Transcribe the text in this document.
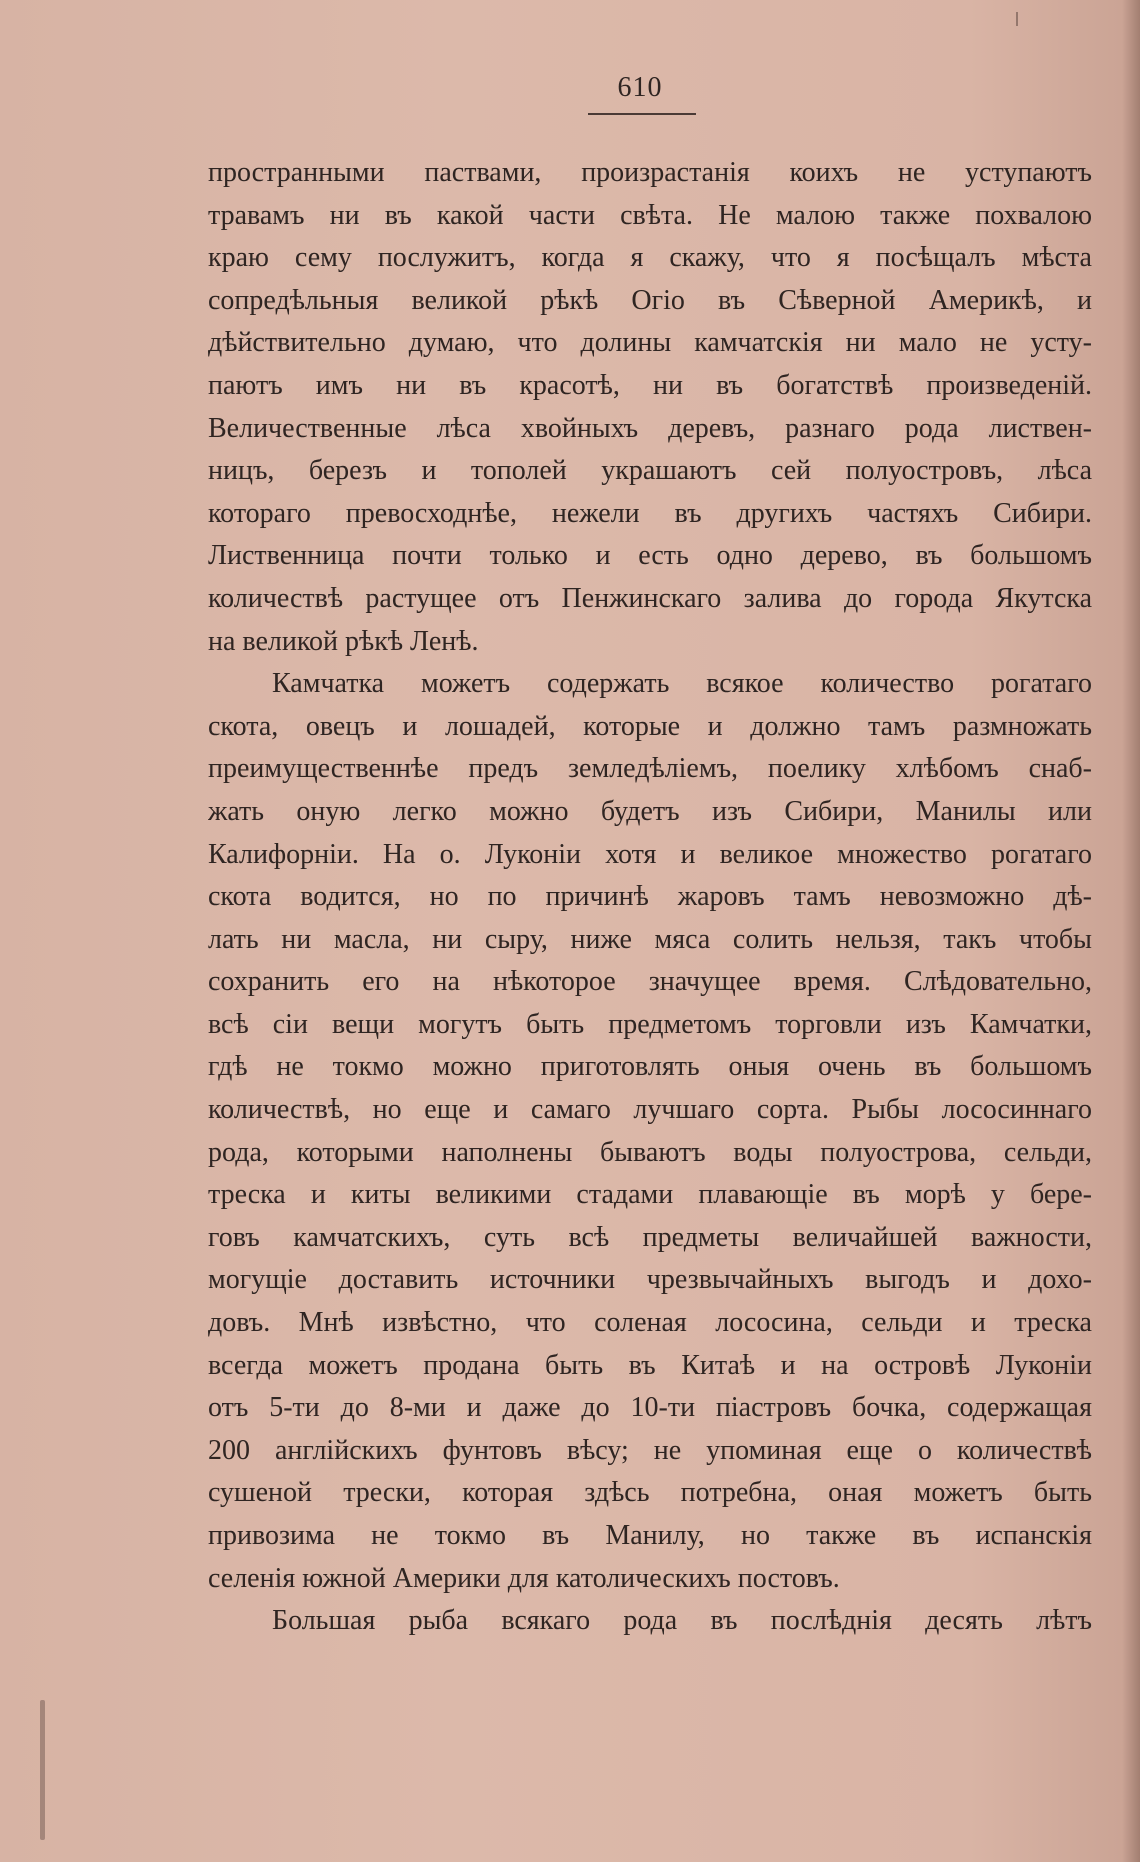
610
пространными паствами, произрастанія коихъ не уступаютъ
травамъ ни въ какой части свѣта. Не малою также похвалою
краю сему послужитъ, когда я скажу, что я посѣщалъ мѣста
сопредѣльныя великой рѣкѣ Огіо въ Сѣверной Америкѣ, и
дѣйствительно думаю, что долины камчатскія ни мало не усту-
паютъ имъ ни въ красотѣ, ни въ богатствѣ произведеній.
Величественные лѣса хвойныхъ деревъ, разнаго рода листвен-
ницъ, березъ и тополей украшаютъ сей полуостровъ, лѣса
котораго превосходнѣе, нежели въ другихъ частяхъ Сибири.
Лиственница почти только и есть одно дерево, въ большомъ
количествѣ растущее отъ Пенжинскаго залива до города Якутска
на великой рѣкѣ Ленѣ.
Камчатка можетъ содержать всякое количество рогатаго
скота, овецъ и лошадей, которые и должно тамъ размножать
преимущественнѣе предъ земледѣліемъ, поелику хлѣбомъ снаб-
жать оную легко можно будетъ изъ Сибири, Манилы или
Калифорніи. На о. Луконіи хотя и великое множество рогатаго
скота водится, но по причинѣ жаровъ тамъ невозможно дѣ-
лать ни масла, ни сыру, ниже мяса солить нельзя, такъ чтобы
сохранить его на нѣкоторое значущее время. Слѣдовательно,
всѣ сіи вещи могутъ быть предметомъ торговли изъ Камчатки,
гдѣ не токмо можно приготовлять оныя очень въ большомъ
количествѣ, но еще и самаго лучшаго сорта. Рыбы лососиннаго
рода, которыми наполнены бываютъ воды полуострова, сельди,
треска и киты великими стадами плавающіе въ морѣ у бере-
говъ камчатскихъ, суть всѣ предметы величайшей важности,
могущіе доставить источники чрезвычайныхъ выгодъ и дохо-
довъ. Мнѣ извѣстно, что соленая лососина, сельди и треска
всегда можетъ продана быть въ Китаѣ и на островѣ Луконіи
отъ 5-ти до 8-ми и даже до 10-ти піастровъ бочка, содержащая
200 англійскихъ фунтовъ вѣсу; не упоминая еще о количествѣ
сушеной трески, которая здѣсь потребна, оная можетъ быть
привозима не токмо въ Манилу, но также въ испанскія
селенія южной Америки для католическихъ постовъ.
Большая рыба всякаго рода въ послѣднія десять лѣтъ
